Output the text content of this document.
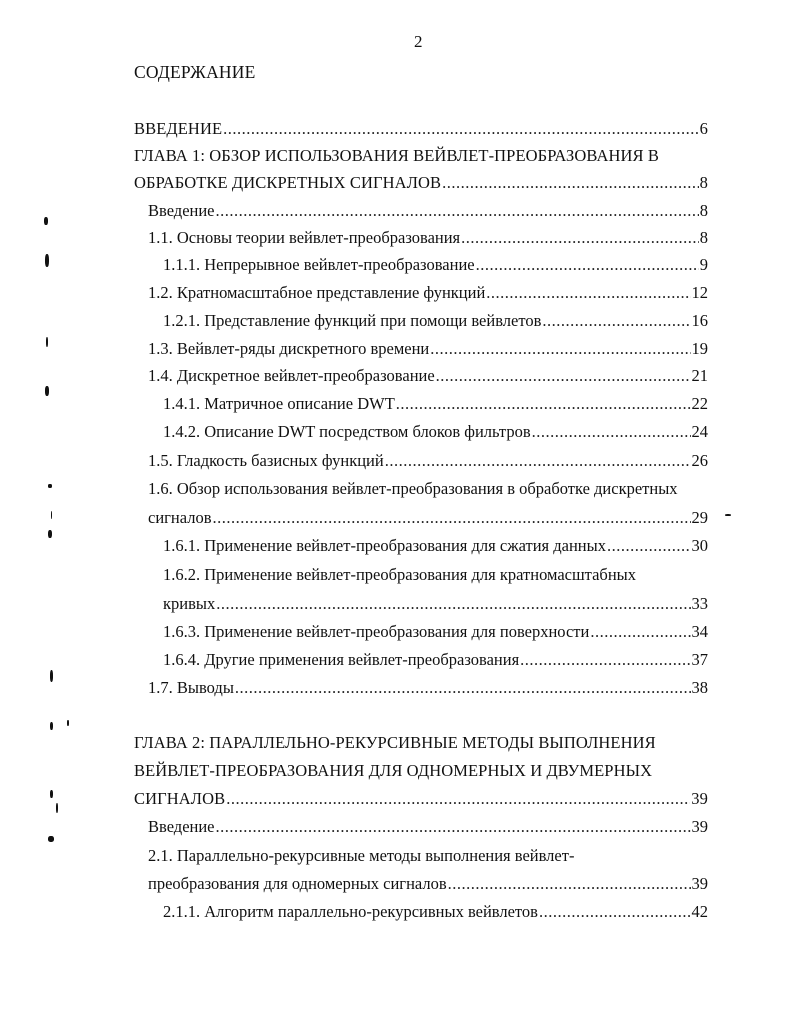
2
СОДЕРЖАНИЕ
ВВЕДЕНИЕ .....	6
ГЛАВА 1: ОБЗОР ИСПОЛЬЗОВАНИЯ ВЕЙВЛЕТ-ПРЕОБРАЗОВАНИЯ В
ОБРАБОТКЕ ДИСКРЕТНЫХ СИГНАЛОВ .....	8
Введение .....	8
1.1. Основы теории вейвлет-преобразования .....	8
1.1.1. Непрерывное вейвлет-преобразование .....	9
1.2. Кратномасштабное представление функций .....	12
1.2.1. Представление функций при помощи вейвлетов .....	16
1.3. Вейвлет-ряды дискретного времени .....	19
1.4. Дискретное вейвлет-преобразование .....	21
1.4.1. Матричное описание DWT .....	22
1.4.2. Описание DWT посредством блоков фильтров .....	24
1.5. Гладкость базисных функций .....	26
1.6. Обзор использования вейвлет-преобразования в обработке дискретных
сигналов .....	29
1.6.1. Применение вейвлет-преобразования для сжатия данных .....	30
1.6.2. Применение вейвлет-преобразования для кратномасштабных
кривых .....	33
1.6.3. Применение вейвлет-преобразования для поверхности .....	34
1.6.4. Другие применения вейвлет-преобразования .....	37
1.7. Выводы .....	38
ГЛАВА 2: ПАРАЛЛЕЛЬНО-РЕКУРСИВНЫЕ МЕТОДЫ ВЫПОЛНЕНИЯ
ВЕЙВЛЕТ-ПРЕОБРАЗОВАНИЯ ДЛЯ ОДНОМЕРНЫХ И ДВУМЕРНЫХ
СИГНАЛОВ .....	39
Введение .....	39
2.1. Параллельно-рекурсивные методы выполнения вейвлет-
преобразования для одномерных сигналов .....	39
2.1.1. Алгоритм параллельно-рекурсивных вейвлетов .....	42
